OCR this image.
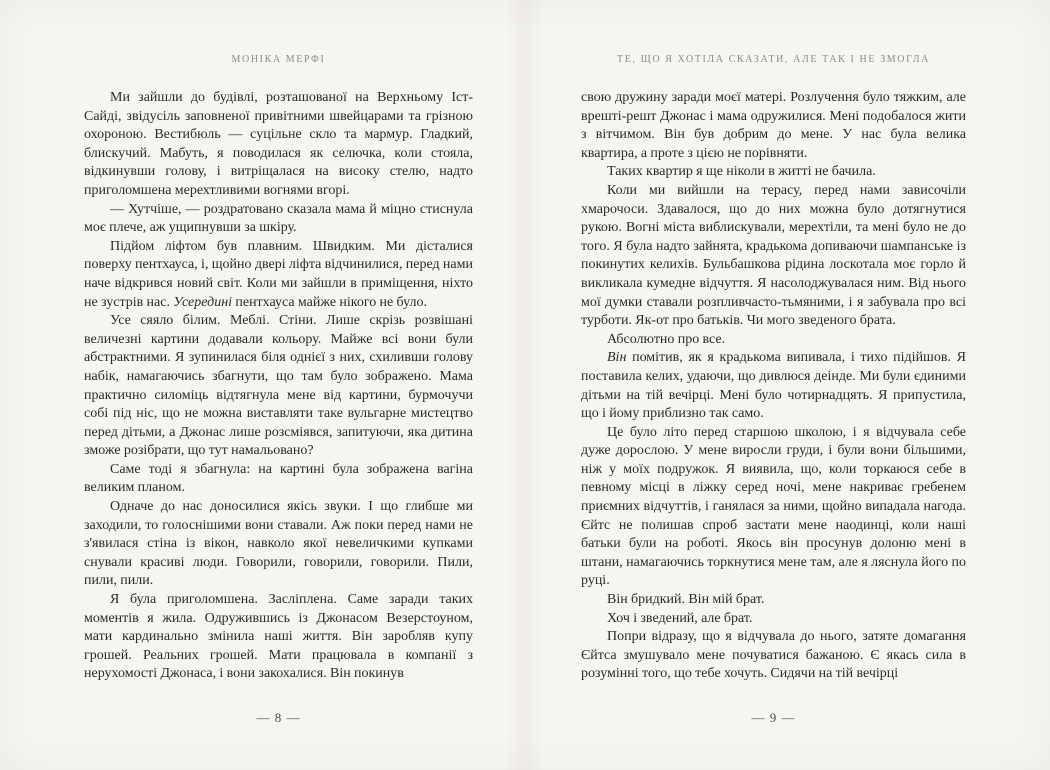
МОНІКА МЕРФІ

Ми зайшли до будівлі, розташованої на Верхньому Іст-Сайді, звідусіль заповненої привітними швейцарами та грізною охороною. Вестибюль — суцільне скло та мармур. Гладкий, блискучий. Мабуть, я поводилася як селючка, коли стояла, відкинувши голову, і витріщалася на високу стелю, надто приголомшена мерехтливими вогнями вгорі.

— Хутчіше, — роздратовано сказала мама й міцно стиснула моє плече, аж ущипнувши за шкіру.

Підйом ліфтом був плавним. Швидким. Ми дісталися поверху пентхауса, і, щойно двері ліфта відчинилися, перед нами наче відкрився новий світ. Коли ми зайшли в приміщення, ніхто не зустрів нас. Усередині пентхауса майже нікого не було.

Усе сяяло білим. Меблі. Стіни. Лише скрізь розвішані величезні картини додавали кольору. Майже всі вони були абстрактними. Я зупинилася біля однієї з них, схиливши голову набік, намагаючись збагнути, що там було зображено. Мама практично силоміць відтягнула мене від картини, бурмочучи собі під ніс, що не можна виставляти таке вульгарне мистецтво перед дітьми, а Джонас лише розсміявся, запитуючи, яка дитина зможе розібрати, що тут намальовано?

Саме тоді я збагнула: на картині була зображена вагіна великим планом.

Одначе до нас доносилися якісь звуки. І що глибше ми заходили, то голоснішими вони ставали. Аж поки перед нами не з'явилася стіна із вікон, навколо якої невеличкими купками снували красиві люди. Говорили, говорили, говорили. Пили, пили, пили.

Я була приголомшена. Засліплена. Саме заради таких моментів я жила. Одружившись із Джонасом Везерстоуном, мати кардинально змінила наші життя. Він заробляв купу грошей. Реальних грошей. Мати працювала в компанії з нерухомості Джонаса, і вони закохалися. Він покинув

— 8 —
ТЕ, ЩО Я ХОТІЛА СКАЗАТИ, АЛЕ ТАК І НЕ ЗМОГЛА

свою дружину заради моєї матері. Розлучення було тяжким, але врешті-решт Джонас і мама одружилися. Мені подобалося жити з вітчимом. Він був добрим до мене. У нас була велика квартира, а проте з цією не порівняти.

Таких квартир я ще ніколи в житті не бачила.

Коли ми вийшли на терасу, перед нами зависочіли хмарочоси. Здавалося, що до них можна було дотягнутися рукою. Вогні міста виблискували, мерехтіли, та мені було не до того. Я була надто зайнята, крадькома допиваючи шампанське із покинутих келихів. Бульбашкова рідина лоскотала моє горло й викликала кумедне відчуття. Я насолоджувалася ним. Від нього мої думки ставали розпливчасто-тьмяними, і я забувала про всі турботи. Як-от про батьків. Чи мого зведеного брата.

Абсолютно про все.

Він помітив, як я крадькома випивала, і тихо підійшов. Я поставила келих, удаючи, що дивлюся деінде. Ми були єдиними дітьми на тій вечірці. Мені було чотирнадцять. Я припустила, що і йому приблизно так само.

Це було літо перед старшою школою, і я відчувала себе дуже дорослою. У мене виросли груди, і були вони більшими, ніж у моїх подружок. Я виявила, що, коли торкаюся себе в певному місці в ліжку серед ночі, мене накриває гребенем приємних відчуттів, і ганялася за ними, щойно випадала нагода. Єйтс не полишав спроб застати мене наодинці, коли наші батьки були на роботі. Якось він просунув долоню мені в штани, намагаючись торкнутися мене там, але я ляснула його по руці.

Він бридкий. Він мій брат.

Хоч і зведений, але брат.

Попри відразу, що я відчувала до нього, затяте домагання Єйтса змушувало мене почуватися бажаною. Є якась сила в розумінні того, що тебе хочуть. Сидячи на тій вечірці

— 9 —
